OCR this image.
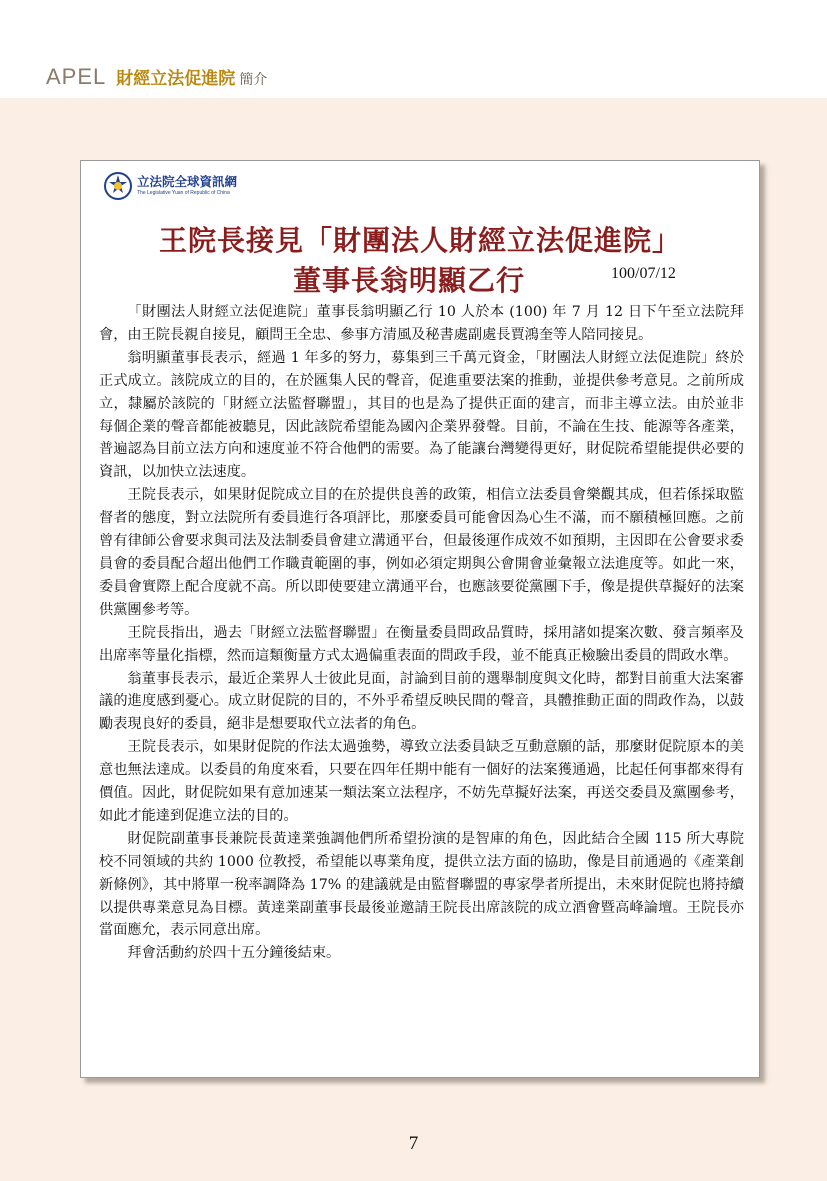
APEL 財經立法促進院 簡介
立法院全球資訊網
The Legislative Yuan of Republic of China
王院長接見「財團法人財經立法促進院」
董事長翁明顯乙行	100/07/12

「財團法人財經立法促進院」董事長翁明顯乙行 10 人於本 (100) 年 7 月 12 日下午至立法院拜會，由王院長親自接見，顧問王全忠、參事方清風及秘書處副處長賈鴻奎等人陪同接見。

翁明顯董事長表示，經過 1 年多的努力，募集到三千萬元資金，「財團法人財經立法促進院」終於正式成立。該院成立的目的，在於匯集人民的聲音，促進重要法案的推動，並提供參考意見。之前所成立，隸屬於該院的「財經立法監督聯盟」，其目的也是為了提供正面的建言，而非主導立法。由於並非每個企業的聲音都能被聽見，因此該院希望能為國內企業界發聲。目前，不論在生技、能源等各產業，普遍認為目前立法方向和速度並不符合他們的需要。為了能讓台灣變得更好，財促院希望能提供必要的資訊，以加快立法速度。

王院長表示，如果財促院成立目的在於提供良善的政策，相信立法委員會樂觀其成，但若係採取監督者的態度，對立法院所有委員進行各項評比，那麼委員可能會因為心生不滿，而不願積極回應。之前曾有律師公會要求與司法及法制委員會建立溝通平台，但最後運作成效不如預期，主因即在公會要求委員會的委員配合超出他們工作職責範圍的事，例如必須定期與公會開會並彙報立法進度等。如此一來，委員會實際上配合度就不高。所以即使要建立溝通平台，也應該要從黨團下手，像是提供草擬好的法案供黨團參考等。

王院長指出，過去「財經立法監督聯盟」在衡量委員問政品質時，採用諸如提案次數、發言頻率及出席率等量化指標，然而這類衡量方式太過偏重表面的問政手段，並不能真正檢驗出委員的問政水準。

翁董事長表示，最近企業界人士彼此見面，討論到目前的選舉制度與文化時，都對目前重大法案審議的進度感到憂心。成立財促院的目的，不外乎希望反映民間的聲音，具體推動正面的問政作為，以鼓勵表現良好的委員，絕非是想要取代立法者的角色。

王院長表示，如果財促院的作法太過強勢，導致立法委員缺乏互動意願的話，那麼財促院原本的美意也無法達成。以委員的角度來看，只要在四年任期中能有一個好的法案獲通過，比起任何事都來得有價值。因此，財促院如果有意加速某一類法案立法程序，不妨先草擬好法案，再送交委員及黨團參考，如此才能達到促進立法的目的。

財促院副董事長兼院長黃達業強調他們所希望扮演的是智庫的角色，因此結合全國 115 所大專院校不同領域的共約 1000 位教授，希望能以專業角度，提供立法方面的協助，像是目前通過的《產業創新條例》，其中將單一稅率調降為 17% 的建議就是由監督聯盟的專家學者所提出，未來財促院也將持續以提供專業意見為目標。黃達業副董事長最後並邀請王院長出席該院的成立酒會暨高峰論壇。王院長亦當面應允，表示同意出席。

拜會活動約於四十五分鐘後結束。

7
